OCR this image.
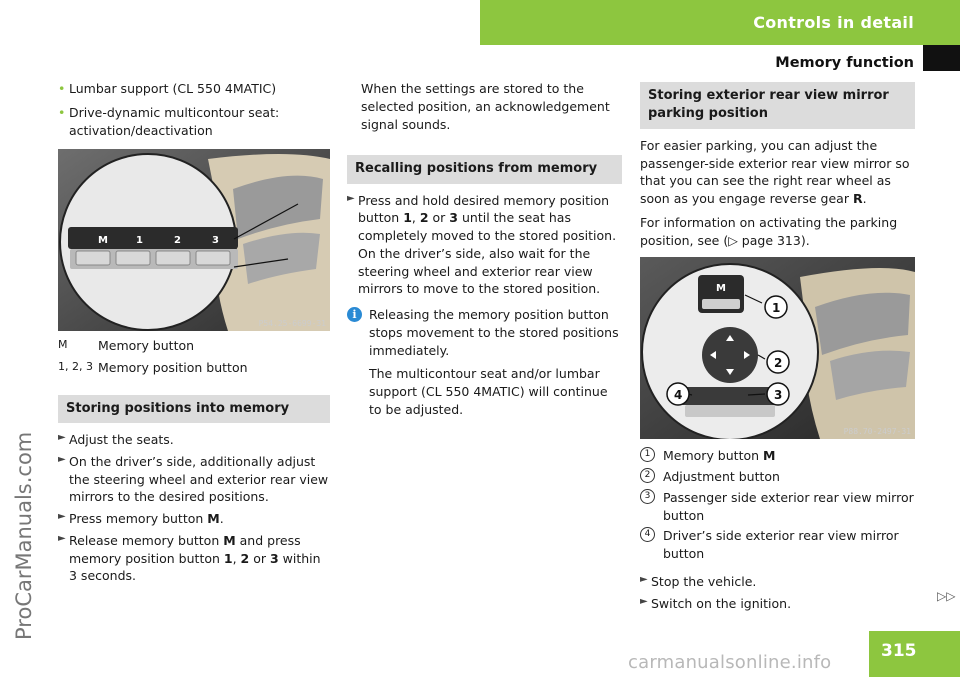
Controls in detail
Memory function
ProCarManuals.com
• Lumbar support (CL 550 4MATIC)
• Drive-dynamic multicontour seat: activation/deactivation
M	1	2	3
P54.25-6699-31
M	Memory button
1, 2, 3 Memory position button
Storing positions into memory
► Adjust the seats.
► On the driver’s side, additionally adjust the steering wheel and exterior rear view mirrors to the desired positions.
► Press memory button M.
► Release memory button M and press memory position button 1, 2 or 3 within 3 seconds.

When the settings are stored to the selected position, an acknowledgement signal sounds.

Recalling positions from memory
► Press and hold desired memory position button 1, 2 or 3 until the seat has completely moved to the stored position. On the driver’s side, also wait for the steering wheel and exterior rear view mirrors to move to the stored position.
i Releasing the memory position button stops movement to the stored positions immediately.

The multicontour seat and/or lumbar support (CL 550 4MATIC) will continue to be adjusted.

Storing exterior rear view mirror parking position

For easier parking, you can adjust the passenger-side exterior rear view mirror so that you can see the right rear wheel as soon as you engage reverse gear R.

For information on activating the parking position, see (▷ page 313).

M
1
2
3
4
P88.70-2497-31
1	Memory button M
2	Adjustment button
3	Passenger side exterior rear view mirror button
4	Driver’s side exterior rear view mirror button
► Stop the vehicle.
► Switch on the ignition.	▷▷
315
carmanualsonline.info
